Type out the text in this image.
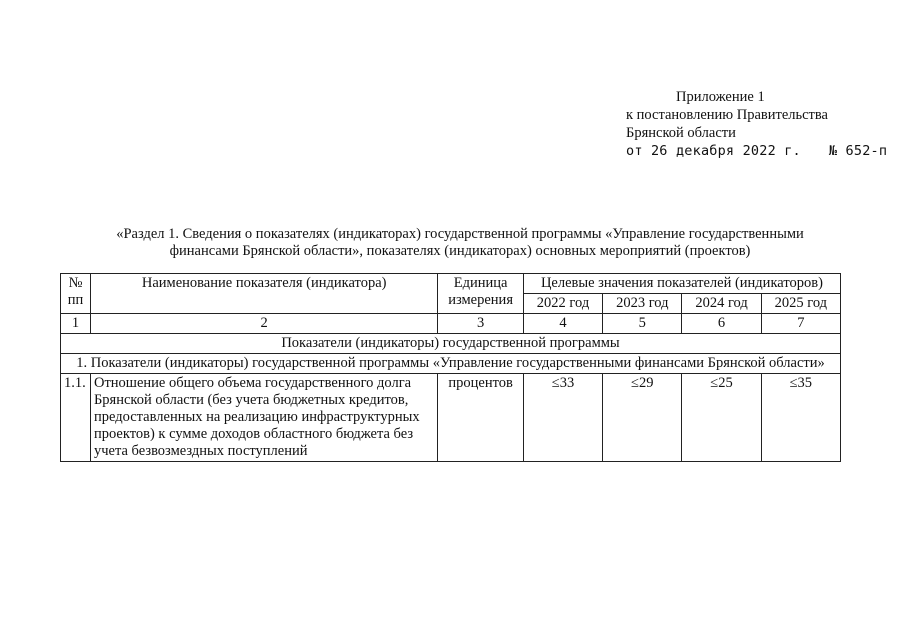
Приложение 1
к постановлению Правительства
Брянской области
от 26 декабря 2022 г. № 652-п
«Раздел 1. Сведения о показателях (индикаторах) государственной программы «Управление государственными
финансами Брянской области», показателях (индикаторах) основных мероприятий (проектов)
№ пп	Наименование показателя (индикатора)	Единица измерения	Целевые значения показателей (индикаторов)			
			2022 год	2023 год	2024 год	2025 год
1	2	3	4	5	6	7
Показатели (индикаторы) государственной программы						
1. Показатели (индикаторы) государственной программы «Управление государственными финансами Брянской области»						
1.1.	Отношение общего объема государственного долга Брянской области (без учета бюджетных кредитов, предоставленных на реализацию инфраструктурных проектов) к сумме доходов областного бюджета без учета безвозмездных поступлений	процентов	≤33	≤29	≤25	≤35
